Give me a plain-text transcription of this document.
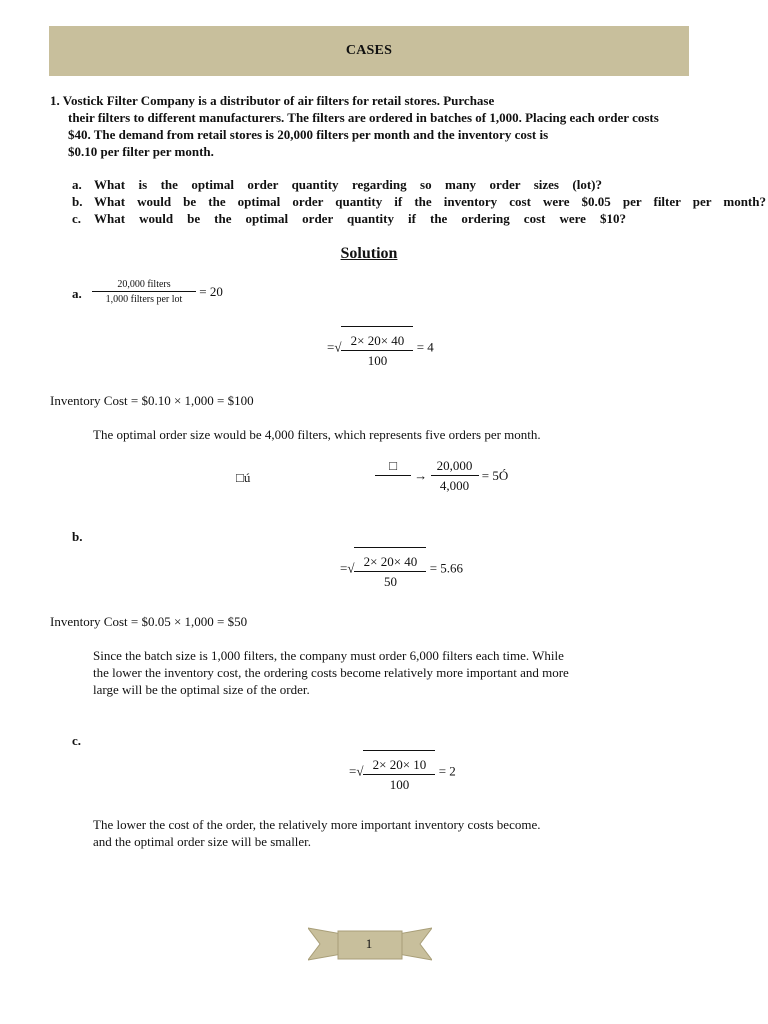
CASES
1. Vostick Filter Company is a distributor of air filters for retail stores. Purchase
their filters to different manufacturers. The filters are ordered in batches of 1,000. Placing each order costs
$40. The demand from retail stores is 20,000 filters per month and the inventory cost is
$0.10 per filter per month.
a. What is the optimal order quantity regarding so many order sizes (lot)?
b. What would be the optimal order quantity if the inventory cost were $0.05 per filter per month?
c. What would be the optimal order quantity if the ordering cost were $10?
Solution
a. $\frac{\text{20,000 filters}}{\text{1,000 filters per lot}} = 20$
=√ $\frac{2\times 20\times 40}{100} = 4$
Inventory Cost = $0.10 × 1,000 = $100
The optimal order size would be 4,000 filters, which represents five orders per month.
□ú
□

→ $\frac{20,000}{4,000}$ = 5Ó
b.
=√ $\frac{2\times 20\times 40}{50} = 5.66$
Inventory Cost = $0.05 × 1,000 = $50
Since the batch size is 1,000 filters, the company must order 6,000 filters each time. While
the lower the inventory cost, the ordering costs become relatively more important and more
large will be the optimal size of the order.
c.
=√ $\frac{2\times 20\times 10}{100} = 2$
The lower the cost of the order, the relatively more important inventory costs become.
and the optimal order size will be smaller.
1
